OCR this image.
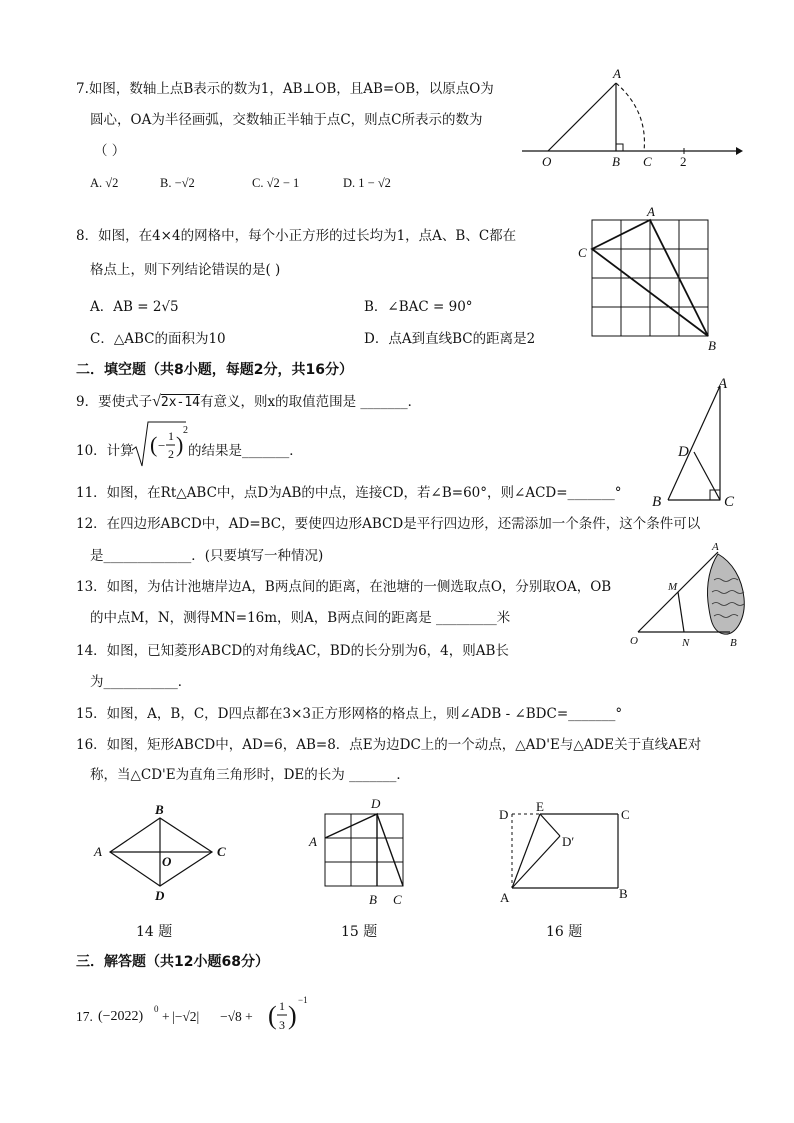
7.如图，数轴上点B表示的数为1，AB⊥OB，且AB=OB，以原点O为
圆心，OA为半径画弧，交数轴正半轴于点C，则点C所表示的数为
（ ）
A. √2	B. −√2	C. √2 − 1	D. 1 − √2
A
O	B C 2
8．如图，在4×4的网格中，每个小正方形的过长均为1，点A、B、C都在
格点上，则下列结论错误的是( )
A．AB = 2√5	B．∠BAC = 90°
C．△ABC的面积为10	D．点A到直线BC的距离是2
A
C
B
二．填空题（共8小题，每题2分，共16分）
9．要使式子√2x-14有意义，则x的取值范围是 _______．
10．计算 ( −
1
2 )
2
的结果是_______．
11．如图，在Rt△ABC中，点D为AB的中点，连接CD，若∠B=60°，则∠ACD=_______°
A
D
B	C
12．在四边形ABCD中，AD=BC，要使四边形ABCD是平行四边形，还需添加一个条件，这个条件可以
是_____________．(只要填写一种情况)
13．如图，为估计池塘岸边A，B两点间的距离，在池塘的一侧选取点O，分别取OA，OB
的中点M，N，测得MN=16m，则A，B两点间的距离是 _________米
A
M
O	N	B
14．如图，已知菱形ABCD的对角线AC，BD的长分别为6，4，则AB长
为___________．
15．如图，A，B，C，D四点都在3×3正方形网格的格点上，则∠ADB - ∠BDC=_______°
16．如图，矩形ABCD中，AD=6，AB=8．点E为边DC上的一个动点，△AD'E与△ADE关于直线AE对
称，当△CD'E为直角三角形时，DE的长为 _______．
B
A	C
O
D
D
A
B C
D
E
C
D′
A	B
14 题	15 题	16 题
三．解答题（共12小题68分）
17. (−2022) 0 + |−√2| −√8 + ( 1
3 )
−1
